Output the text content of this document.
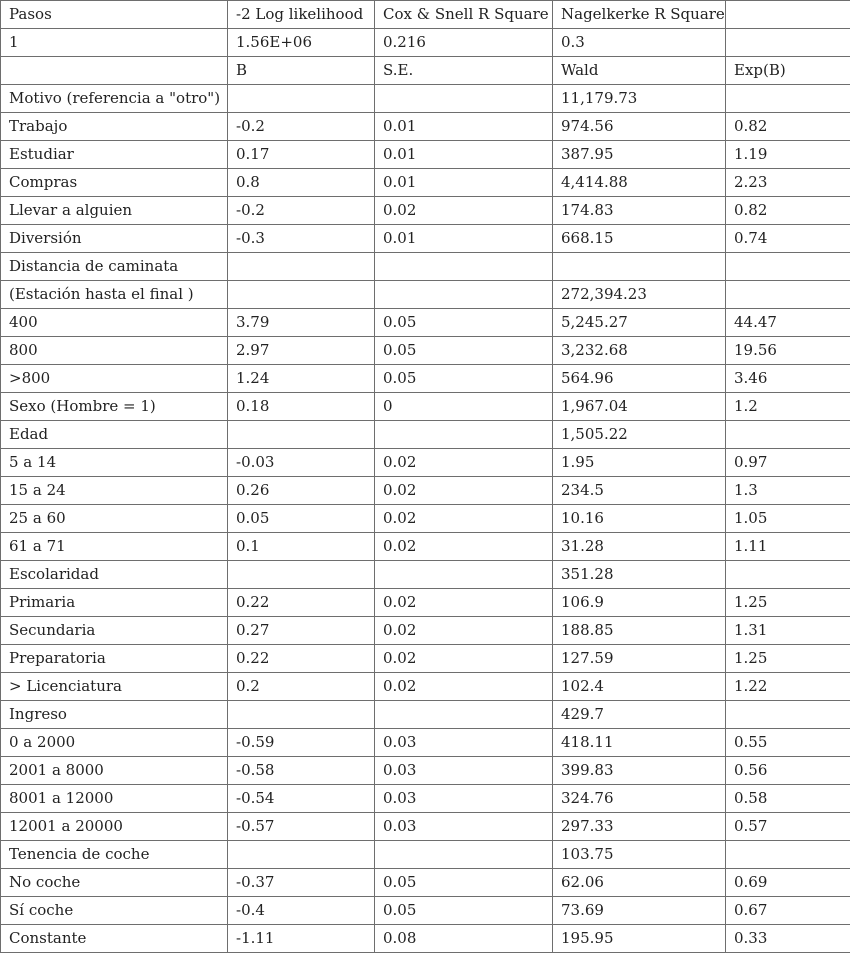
Pasos	-2 Log likelihood	Cox & Snell R Square	Nagelkerke R Square	
1	1.56E+06	0.216	0.3	
	B	S.E.	Wald	Exp(B)
Motivo (referencia a "otro")			11,179.73	
Trabajo	-0.2	0.01	974.56	0.82
Estudiar	0.17	0.01	387.95	1.19
Compras	0.8	0.01	4,414.88	2.23
Llevar a alguien	-0.2	0.02	174.83	0.82
Diversión	-0.3	0.01	668.15	0.74
Distancia de caminata				
(Estación hasta el final )			272,394.23	
400	3.79	0.05	5,245.27	44.47
800	2.97	0.05	3,232.68	19.56
>800	1.24	0.05	564.96	3.46
Sexo (Hombre = 1)	0.18	0	1,967.04	1.2
Edad			1,505.22	
5 a 14	-0.03	0.02	1.95	0.97
15 a 24	0.26	0.02	234.5	1.3
25 a 60	0.05	0.02	10.16	1.05
61 a 71	0.1	0.02	31.28	1.11
Escolaridad			351.28	
Primaria	0.22	0.02	106.9	1.25
Secundaria	0.27	0.02	188.85	1.31
Preparatoria	0.22	0.02	127.59	1.25
> Licenciatura	0.2	0.02	102.4	1.22
Ingreso			429.7	
0 a 2000	-0.59	0.03	418.11	0.55
2001 a 8000	-0.58	0.03	399.83	0.56
8001 a 12000	-0.54	0.03	324.76	0.58
12001 a 20000	-0.57	0.03	297.33	0.57
Tenencia de coche			103.75	
No coche	-0.37	0.05	62.06	0.69
Sí coche	-0.4	0.05	73.69	0.67
Constante	-1.11	0.08	195.95	0.33
